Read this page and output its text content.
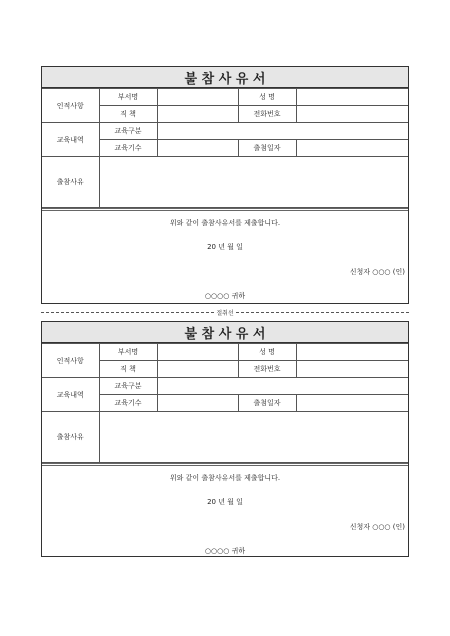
불 참 사 유 서
인적사항	부서명		성 명	
	직 책		전화번호	
교육내역	교육구분			
	교육기수		출첨일자	
출참사유				
위와 같이 출참사유서를 제출합니다.
20 년 월 일
신청자 ○○○ (인)
○○○○ 귀하
절취선
불 참 사 유 서
인적사항	부서명		성 명	
	직 책		전화번호	
교육내역	교육구분			
	교육기수		출첨일자	
출참사유				
위와 같이 출참사유서를 제출합니다.
20 년 월 일
신청자 ○○○ (인)
○○○○ 귀하
